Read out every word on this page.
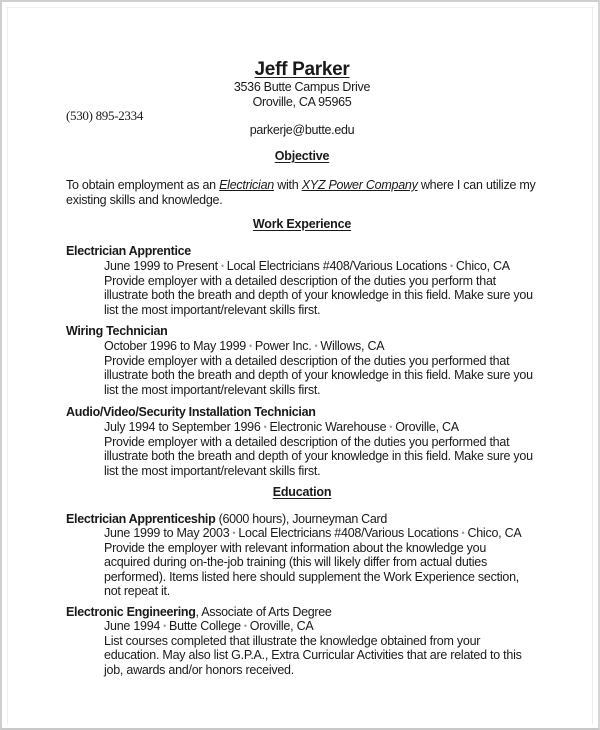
Jeff Parker
3536 Butte Campus Drive
Oroville, CA 95965
(530) 895-2334
parkerje@butte.edu
Objective
To obtain employment as an Electrician with XYZ Power Company where I can utilize my
existing skills and knowledge.
Work Experience
Electrician Apprentice
June 1999 to Present • Local Electricians #408/Various Locations • Chico, CA
Provide employer with a detailed description of the duties you perform that
illustrate both the breath and depth of your knowledge in this field. Make sure you
list the most important/relevant skills first.
Wiring Technician
October 1996 to May 1999 • Power Inc. • Willows, CA
Provide employer with a detailed description of the duties you performed that
illustrate both the breath and depth of your knowledge in this field. Make sure you
list the most important/relevant skills first.
Audio/Video/Security Installation Technician
July 1994 to September 1996 • Electronic Warehouse • Oroville, CA
Provide employer with a detailed description of the duties you performed that
illustrate both the breath and depth of your knowledge in this field. Make sure you
list the most important/relevant skills first.
Education
Electrician Apprenticeship (6000 hours), Journeyman Card
June 1999 to May 2003 • Local Electricians #408/Various Locations • Chico, CA
Provide the employer with relevant information about the knowledge you
acquired during on-the-job training (this will likely differ from actual duties
performed). Items listed here should supplement the Work Experience section,
not repeat it.
Electronic Engineering, Associate of Arts Degree
June 1994 • Butte College • Oroville, CA
List courses completed that illustrate the knowledge obtained from your
education. May also list G.P.A., Extra Curricular Activities that are related to this
job, awards and/or honors received.
